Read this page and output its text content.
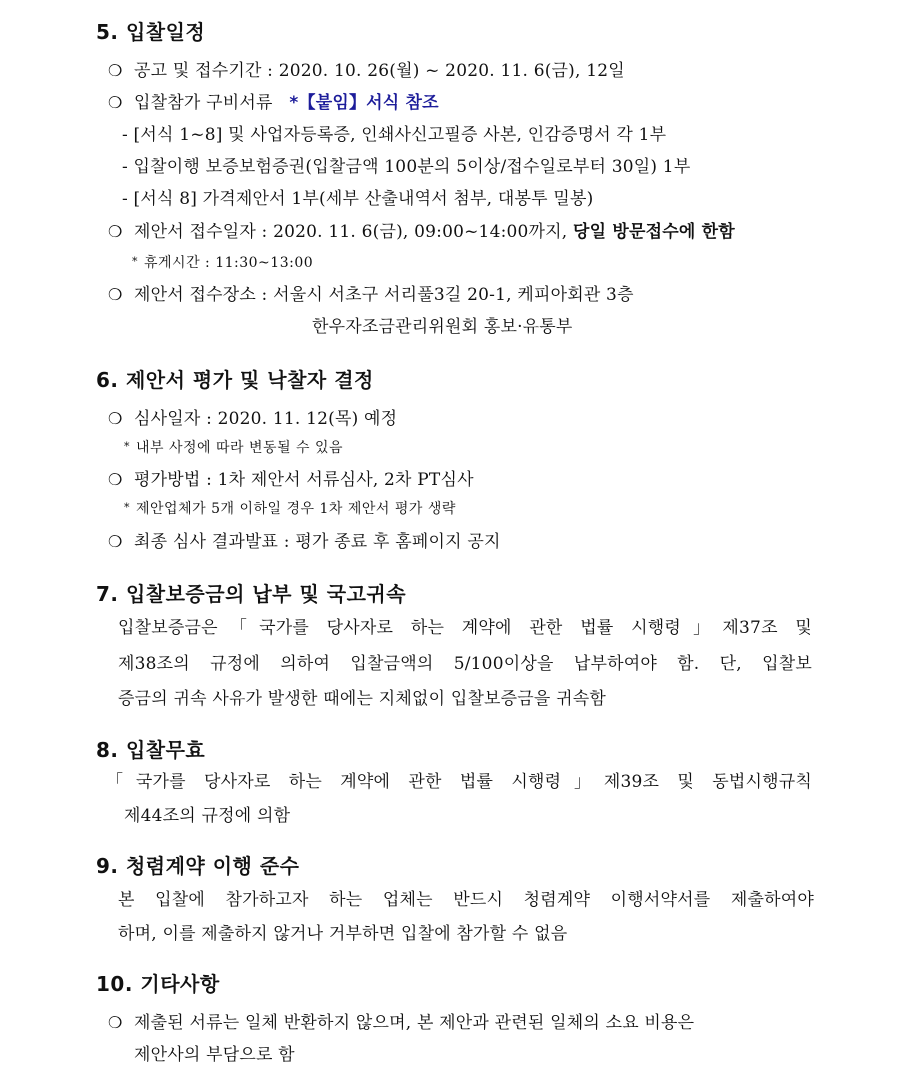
5. 입찰일정
❍ 공고 및 접수기간 : 2020. 10. 26(월) ~ 2020. 11. 6(금), 12일
❍ 입찰참가 구비서류 *【붙임】서식 참조
- [서식 1~8] 및 사업자등록증, 인쇄사신고필증 사본, 인감증명서 각 1부
- 입찰이행 보증보험증권(입찰금액 100분의 5이상/접수일로부터 30일) 1부
- [서식 8] 가격제안서 1부(세부 산출내역서 첨부, 대봉투 밀봉)
❍ 제안서 접수일자 : 2020. 11. 6(금), 09:00~14:00까지, 당일 방문접수에 한함
* 휴게시간 : 11:30~13:00
❍ 제안서 접수장소 : 서울시 서초구 서리풀3길 20-1, 케피아회관 3층
한우자조금관리위원회 홍보·유통부
6. 제안서 평가 및 낙찰자 결정
❍ 심사일자 : 2020. 11. 12(목) 예정
* 내부 사정에 따라 변동될 수 있음
❍ 평가방법 : 1차 제안서 서류심사, 2차 PT심사
* 제안업체가 5개 이하일 경우 1차 제안서 평가 생략
❍ 최종 심사 결과발표 : 평가 종료 후 홈페이지 공지
7. 입찰보증금의 납부 및 국고귀속
입찰보증금은「국가를 당사자로 하는 계약에 관한 법률 시행령」제37조 및
제38조의 규정에 의하여 입찰금액의 5/100이상을 납부하여야 함. 단, 입찰보
증금의 귀속 사유가 발생한 때에는 지체없이 입찰보증금을 귀속함
8. 입찰무효
「국가를 당사자로 하는 계약에 관한 법률 시행령」제39조 및 동법시행규칙
제44조의 규정에 의함
9. 청렴계약 이행 준수
본 입찰에 참가하고자 하는 업체는 반드시 청렴계약 이행서약서를 제출하여야
하며, 이를 제출하지 않거나 거부하면 입찰에 참가할 수 없음
10. 기타사항
❍ 제출된 서류는 일체 반환하지 않으며, 본 제안과 관련된 일체의 소요 비용은
제안사의 부담으로 함
